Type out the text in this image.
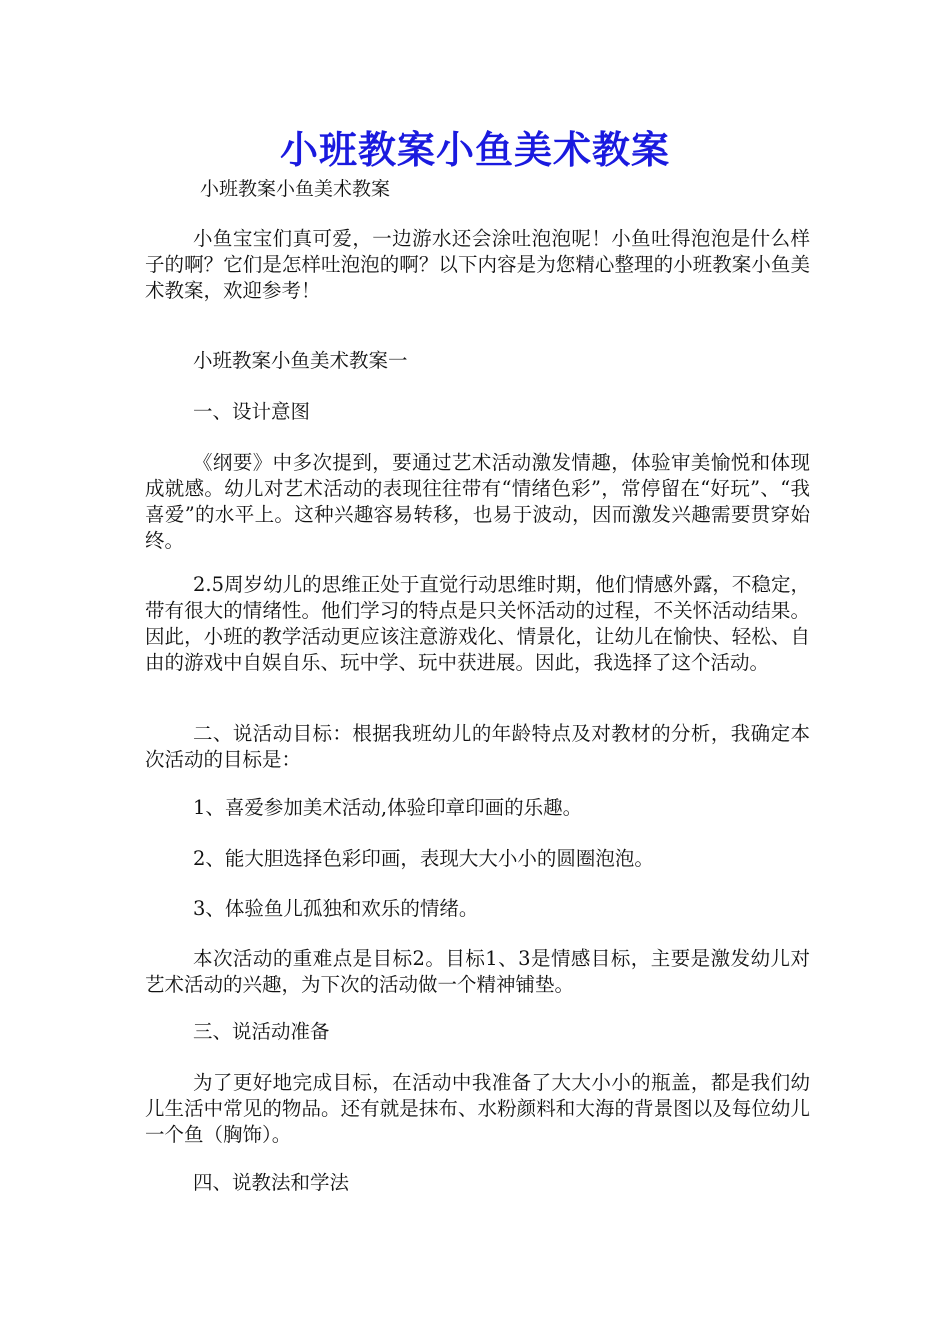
小班教案小鱼美术教案
小班教案小鱼美术教案

小鱼宝宝们真可爱，一边游水还会涂吐泡泡呢！小鱼吐得泡泡是什么样子的啊？它们是怎样吐泡泡的啊？以下内容是为您精心整理的小班教案小鱼美术教案，欢迎参考！

小班教案小鱼美术教案一
一、设计意图

《纲要》中多次提到，要通过艺术活动激发情趣，体验审美愉悦和体现成就感。幼儿对艺术活动的表现往往带有“情绪色彩”，常停留在“好玩”、“我喜爱”的水平上。这种兴趣容易转移，也易于波动，因而激发兴趣需要贯穿始终。

2.5周岁幼儿的思维正处于直觉行动思维时期，他们情感外露，不稳定，带有很大的情绪性。他们学习的特点是只关怀活动的过程，不关怀活动结果。因此，小班的教学活动更应该注意游戏化、情景化，让幼儿在愉快、轻松、自由的游戏中自娱自乐、玩中学、玩中获进展。因此，我选择了这个活动。

二、说活动目标：根据我班幼儿的年龄特点及对教材的分析，我确定本次活动的目标是：

1、喜爱参加美术活动,体验印章印画的乐趣。
2、能大胆选择色彩印画，表现大大小小的圆圈泡泡。
3、体验鱼儿孤独和欢乐的情绪。

本次活动的重难点是目标2。目标1、3是情感目标，主要是激发幼儿对艺术活动的兴趣，为下次的活动做一个精神铺垫。

三、说活动准备

为了更好地完成目标，在活动中我准备了大大小小的瓶盖，都是我们幼儿生活中常见的物品。还有就是抹布、水粉颜料和大海的背景图以及每位幼儿一个鱼（胸饰）。

四、说教法和学法
